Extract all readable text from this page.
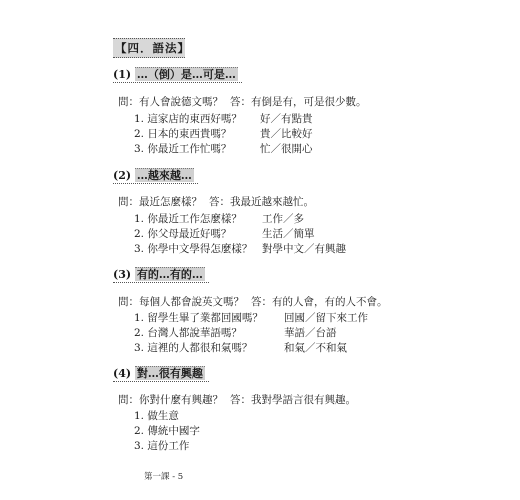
【四．語法】
(1) …（倒）是…可是…
問：有人會說德文嗎？ 答：有倒是有，可是很少數。
1. 這家店的東西好嗎？ 好／有點貴
2. 日本的東西貴嗎？	貴／比較好
3. 你最近工作忙嗎？	忙／很開心
(2) …越來越…
問：最近怎麼樣？ 答：我最近越來越忙。
1. 你最近工作怎麼樣？ 工作／多
2. 你父母最近好嗎？	生活／簡單
3. 你學中文學得怎麼樣？ 對學中文／有興趣
(3) 有的…有的…
問：每個人都會說英文嗎？ 答：有的人會，有的人不會。
1. 留學生畢了業都回國嗎？ 回國／留下來工作
2. 台灣人都說華語嗎？	華語／台語
3. 這裡的人都很和氣嗎？	和氣／不和氣
(4) 對…很有興趣
問：你對什麼有興趣？ 答：我對學語言很有興趣。
1. 做生意
2. 傳統中國字
3. 這份工作
第一課 - 5
